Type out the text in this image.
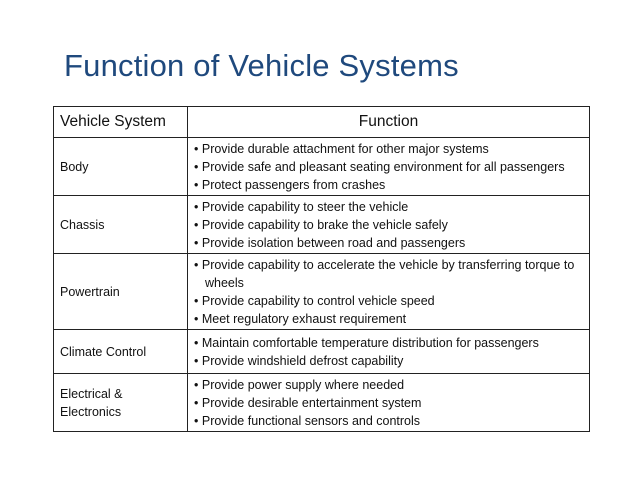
Function of Vehicle Systems
Vehicle System	Function
Body	• Provide durable attachment for other major systems
• Provide safe and pleasant seating environment for all passengers
• Protect passengers from crashes

Chassis	• Provide capability to steer the vehicle
• Provide capability to brake the vehicle safely
• Provide isolation between road and passengers

Powertrain	• Provide capability to accelerate the vehicle by transferring torque to wheels
• Provide capability to control vehicle speed
• Meet regulatory exhaust requirement

Climate Control	• Maintain comfortable temperature distribution for passengers
• Provide windshield defrost capability

Electrical & Electronics	• Provide power supply where needed
• Provide desirable entertainment system
• Provide functional sensors and controls
